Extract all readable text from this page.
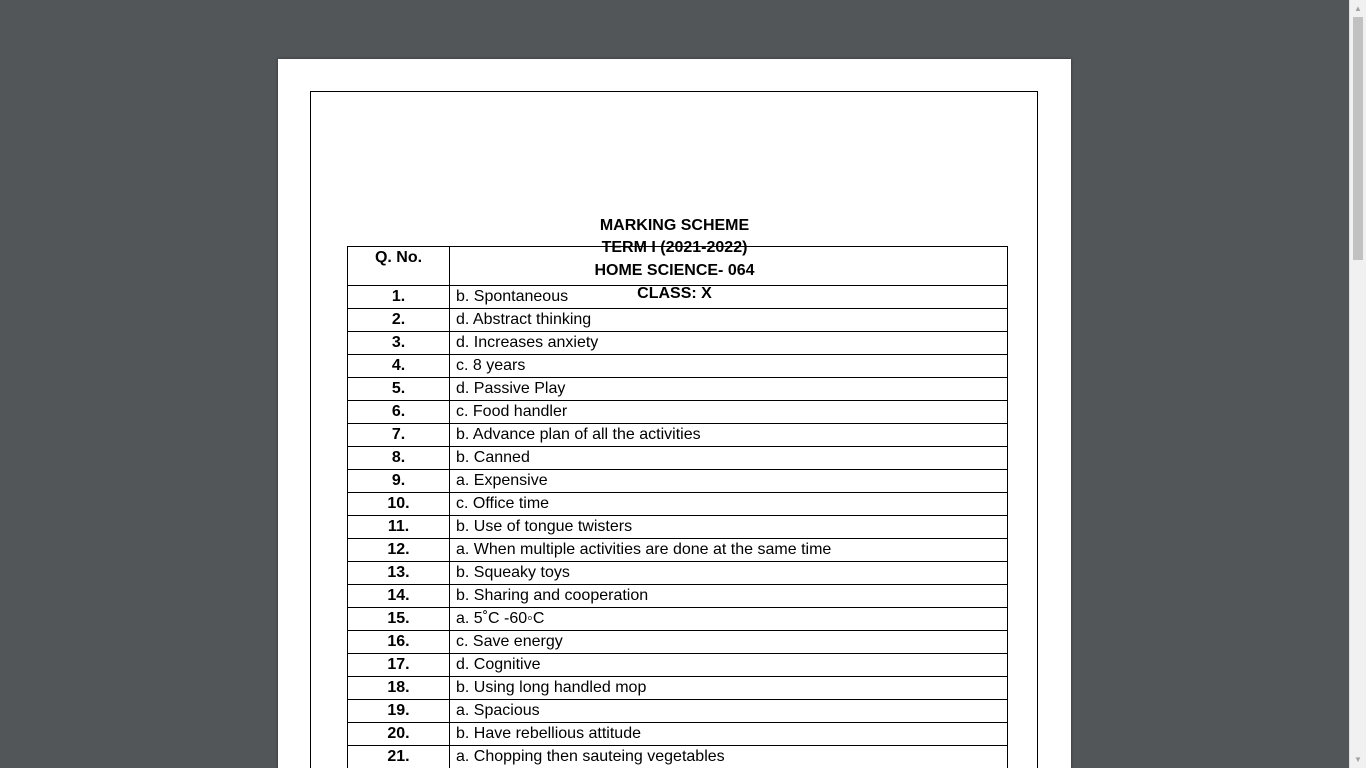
MARKING SCHEME
TERM I (2021-2022)
HOME SCIENCE- 064
CLASS: X
Q. No.	
1.	b. Spontaneous
2.	d. Abstract thinking
3.	d. Increases anxiety
4.	c. 8 years
5.	d. Passive Play
6.	c. Food handler
7.	b. Advance plan of all the activities
8.	b. Canned
9.	a. Expensive
10.	c. Office time
11.	b. Use of tongue twisters
12.	a. When multiple activities are done at the same time
13.	b. Squeaky toys
14.	b. Sharing and cooperation
15.	a. 5˚C -60◦C
16.	c. Save energy
17.	d. Cognitive
18.	b. Using long handled mop
19.	a. Spacious
20.	b. Have rebellious attitude
21.	a. Chopping then sauteing vegetables
▲
▼
